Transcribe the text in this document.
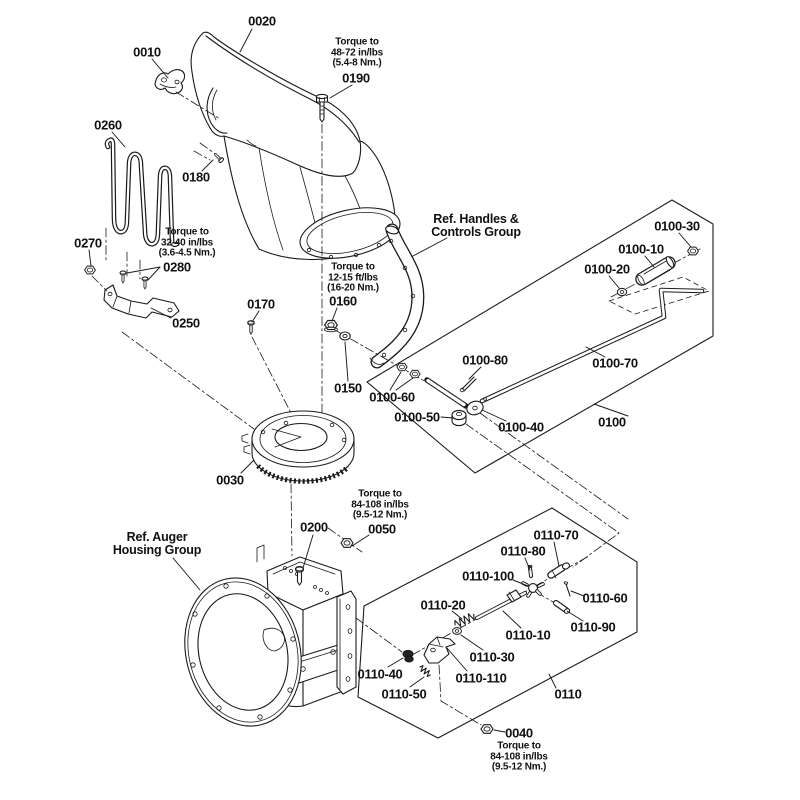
0010
0020
0260
0180
0270
0280
0250
0170
0190
0160
0150
0030
0200	0050
0040
0100-30
0100-10
0100-20
0100-80	0100-70
0100-60
0100-50
0100-40	0100
0110-70
0110-80
0110-100
0110-60
0110-90
0110-20
0110-10
0110-30
0110-110
0110-40
0110-50	0110
Torque to
48-72 in/lbs
(5.4-8 Nm.)
Torque to
32-40 in/lbs
(3.6-4.5 Nm.)
Torque to
12-15 ft/lbs
(16-20 Nm.)
Torque to
84-108 in/lbs
(9.5-12 Nm.)
Torque to
84-108 in/lbs
(9.5-12 Nm.)
Ref. Handles &
Controls Group
Ref. Auger
Housing Group
